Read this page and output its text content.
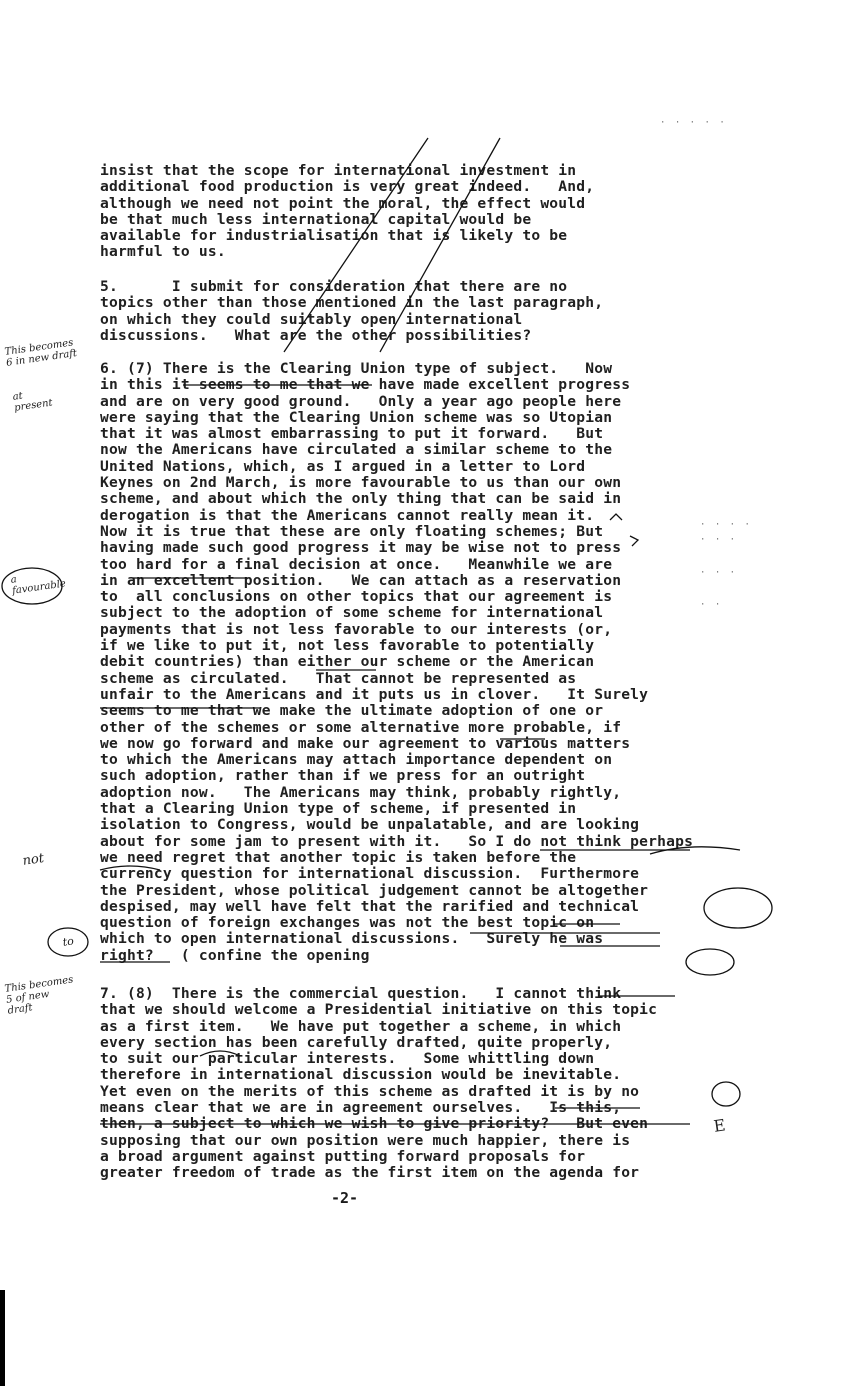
insist that the scope for international investment in
additional food production is very great indeed.   And,
although we need not point the moral, the effect would
be that much less international capital would be
available for industrialisation that is likely to be
harmful to us.
5.      I submit for consideration that there are no
topics other than those mentioned in the last paragraph,
on which they could suitably open international
discussions.   What are the other possibilities?
6. (7) There is the Clearing Union type of subject.   Now
in this it seems to me that we have made excellent progress
and are on very good ground.   Only a year ago people here
were saying that the Clearing Union scheme was so Utopian
that it was almost embarrassing to put it forward.   But
now the Americans have circulated a similar scheme to the
United Nations, which, as I argued in a letter to Lord
Keynes on 2nd March, is more favourable to us than our own
scheme, and about which the only thing that can be said in
derogation is that the Americans cannot really mean it.
Now it is true that these are only floating schemes; But
having made such good progress it may be wise not to press
too hard for a final decision at once.   Meanwhile we are
in an excellent position.   We can attach as a reservation
to  all conclusions on other topics that our agreement is
subject to the adoption of some scheme for international
payments that is not less favorable to our interests (or,
if we like to put it, not less favorable to potentially
debit countries) than either our scheme or the American
scheme as circulated.   That cannot be represented as
unfair to the Americans and it puts us in clover.   It Surely
seems to me that we make the ultimate adoption of one or
other of the schemes or some alternative more probable, if
we now go forward and make our agreement to various matters
to which the Americans may attach importance dependent on
such adoption, rather than if we press for an outright
adoption now.   The Americans may think, probably rightly,
that a Clearing Union type of scheme, if presented in
isolation to Congress, would be unpalatable, and are looking
about for some jam to present with it.   So I do not think perhaps
we need regret that another topic is taken before the
currency question for international discussion.  Furthermore
the President, whose political judgement cannot be altogether
despised, may well have felt that the rarified and technical
question of foreign exchanges was not the best topic on
which to open international discussions.   Surely he was
right?   ( confine the opening
7. (8)  There is the commercial question.   I cannot think
that we should welcome a Presidential initiative on this topic
as a first item.   We have put together a scheme, in which
every section has been carefully drafted, quite properly,
to suit our particular interests.   Some whittling down
therefore in international discussion would be inevitable.
Yet even on the merits of this scheme as drafted it is by no
means clear that we are in agreement ourselves.   Is this,
then, a subject to which we wish to give priority?   But even
supposing that our own position were much happier, there is
a broad argument against putting forward proposals for
greater freedom of trade as the first item on the agenda for
-2-
This becomes
6 in new draft
at
present
a
favourable
not
to
This becomes
5 of new
draft
E
· · · ·
· · ·
· · ·
· ·
· · · · ·
